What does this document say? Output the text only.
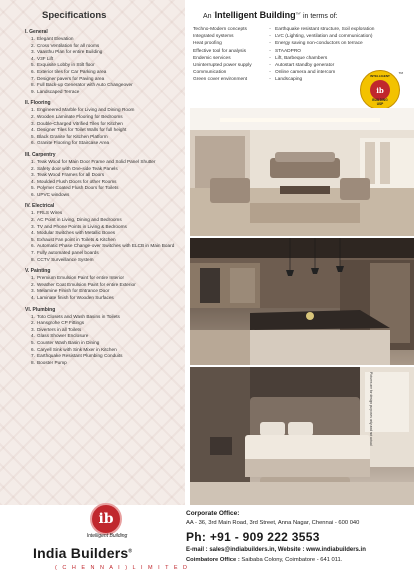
Specifications
I. General
1. Elegant Elevation
2. Cross Ventilation for all rooms
3. Vaasthu Plan for entire Building
4. V3F Lift
5. Exquisite Lobby in Stilt floor
6. Exterior tiles for Car Parking area
7. Designer pavers for Paving area
8. Full Back-up Generator with Auto Changeover
9. Landscaped Terrace
II. Flooring
1. Engineered Marble for Living and Dining Room
2. Wooden Laminate Flooring for Bedrooms
3. Double-Charged Vitrified Tiles for Kitchen
4. Designer Tiles for Toilet Walls for full height
5. Black Granite for Kitchen Platform
6. Granite Flooring for Staircase Area
III. Carpentry
1. Teak Wood for Main Door Frame and Solid Panel Shutter
2. Safety door with One-side Teak Panels
3. Teak Wood Frames for all Doors
4. Moulded Flush Doors for other Rooms
5. Polymer Coated Flush Doors for Toilets
6. UPVC windows
IV. Electrical
1. FRLS Wires
2. AC Point in Living, Dining and Bedrooms
3. TV and Phone Points in Living & Bedrooms
4. Modular Switches with Metallic Boxes
5. Exhaust Fan point in Toilets & Kitchen
6. Automatic Phase Change-over Switches with ELCB in Main Board
7. Fully automated panel boards
8. CCTV Surveillance System
V. Painting
1. Premium Emulsion Paint for entire Interior
2. Weather Coat Emulsion Paint for entire Exterior
3. Melamine Finish for Entrance Door
4. Laminate finish for Wooden Surfaces
VI. Plumbing
1. Toto Closets and Wash Basins in Toilets
2. Hansgrohe CP Fittings
3. Diverters in all Toilets
4. Glass Shower Enclosure
5. Counter Wash Basin in Dining
6. Caryell Sink with Sink Mixer in Kitchen
7. Earthquake Resistant Plumbing Conduits
8. Booster Pump
An "Intelligent Building$^{TM"}$ in terms of:
Techno-Modern concepts	- Earthquake resistant structure, Soil exploration
Integrated systems	- LVC (Lighting, ventilation and communication)
Heat proofing	- Energy saving non-conductors on terrace
Effective tool for analysis	- STAADPRO
Endemic services	- Lift, Barbeque chambers
Uninterrupted power supply	- Autostart standby generator
Communication	- Online camera and intercom
Green cover environment	- Landscaping
INTELLIGENT
ib
BUILDING
USP
TM
Pictures are for design purposes only and not actual
ib
Intelligent Building
India Builders®
( C H E N N A I ) L I M I T E D
Corporate Office:
AA - 36, 3rd Main Road, 3rd Street, Anna Nagar, Chennai - 600 040
Ph: +91 - 909 222 3553
E-mail : sales@indiabuilders.in, Website : www.indiabuilders.in
Coimbatore Office : Saibaba Colony, Coimbatore - 641 011.
